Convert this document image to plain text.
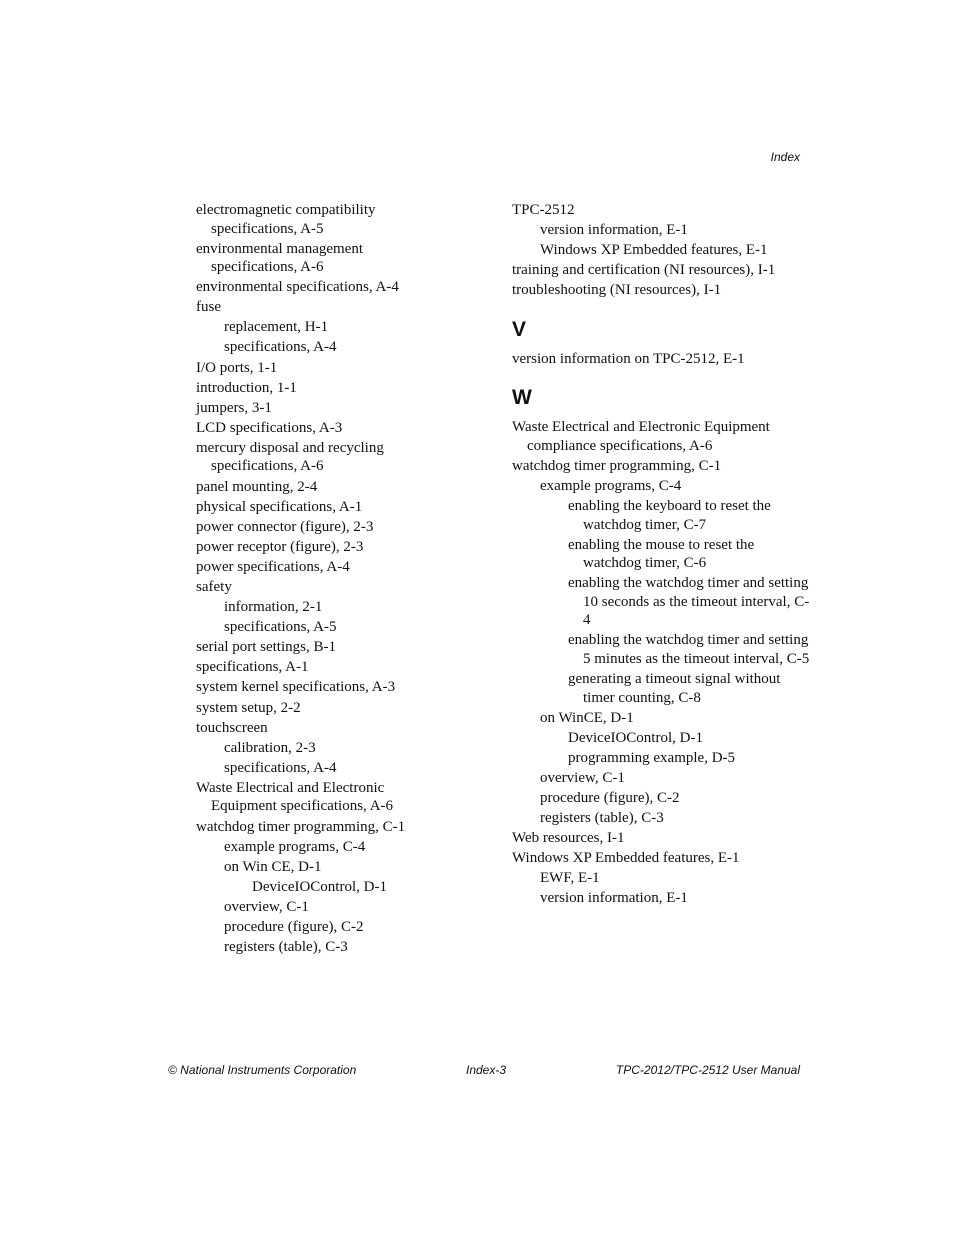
Index
electromagnetic compatibility specifications, A-5
environmental management specifications, A-6
environmental specifications, A-4
fuse
replacement, H-1
specifications, A-4
I/O ports, 1-1
introduction, 1-1
jumpers, 3-1
LCD specifications, A-3
mercury disposal and recycling specifications, A-6
panel mounting, 2-4
physical specifications, A-1
power connector (figure), 2-3
power receptor (figure), 2-3
power specifications, A-4
safety
information, 2-1
specifications, A-5
serial port settings, B-1
specifications, A-1
system kernel specifications, A-3
system setup, 2-2
touchscreen
calibration, 2-3
specifications, A-4
Waste Electrical and Electronic Equipment specifications, A-6
watchdog timer programming, C-1
example programs, C-4
on Win CE, D-1
DeviceIOControl, D-1
overview, C-1
procedure (figure), C-2
registers (table), C-3
TPC-2512
version information, E-1
Windows XP Embedded features, E-1
training and certification (NI resources), I-1
troubleshooting (NI resources), I-1
V
version information on TPC-2512, E-1
W
Waste Electrical and Electronic Equipment compliance specifications, A-6
watchdog timer programming, C-1
example programs, C-4
enabling the keyboard to reset the watchdog timer, C-7
enabling the mouse to reset the watchdog timer, C-6
enabling the watchdog timer and setting 10 seconds as the timeout interval, C-4
enabling the watchdog timer and setting 5 minutes as the timeout interval, C-5
generating a timeout signal without timer counting, C-8
on WinCE, D-1
DeviceIOControl, D-1
programming example, D-5
overview, C-1
procedure (figure), C-2
registers (table), C-3
Web resources, I-1
Windows XP Embedded features, E-1
EWF, E-1
version information, E-1
© National Instruments Corporation	Index-3	TPC-2012/TPC-2512 User Manual
